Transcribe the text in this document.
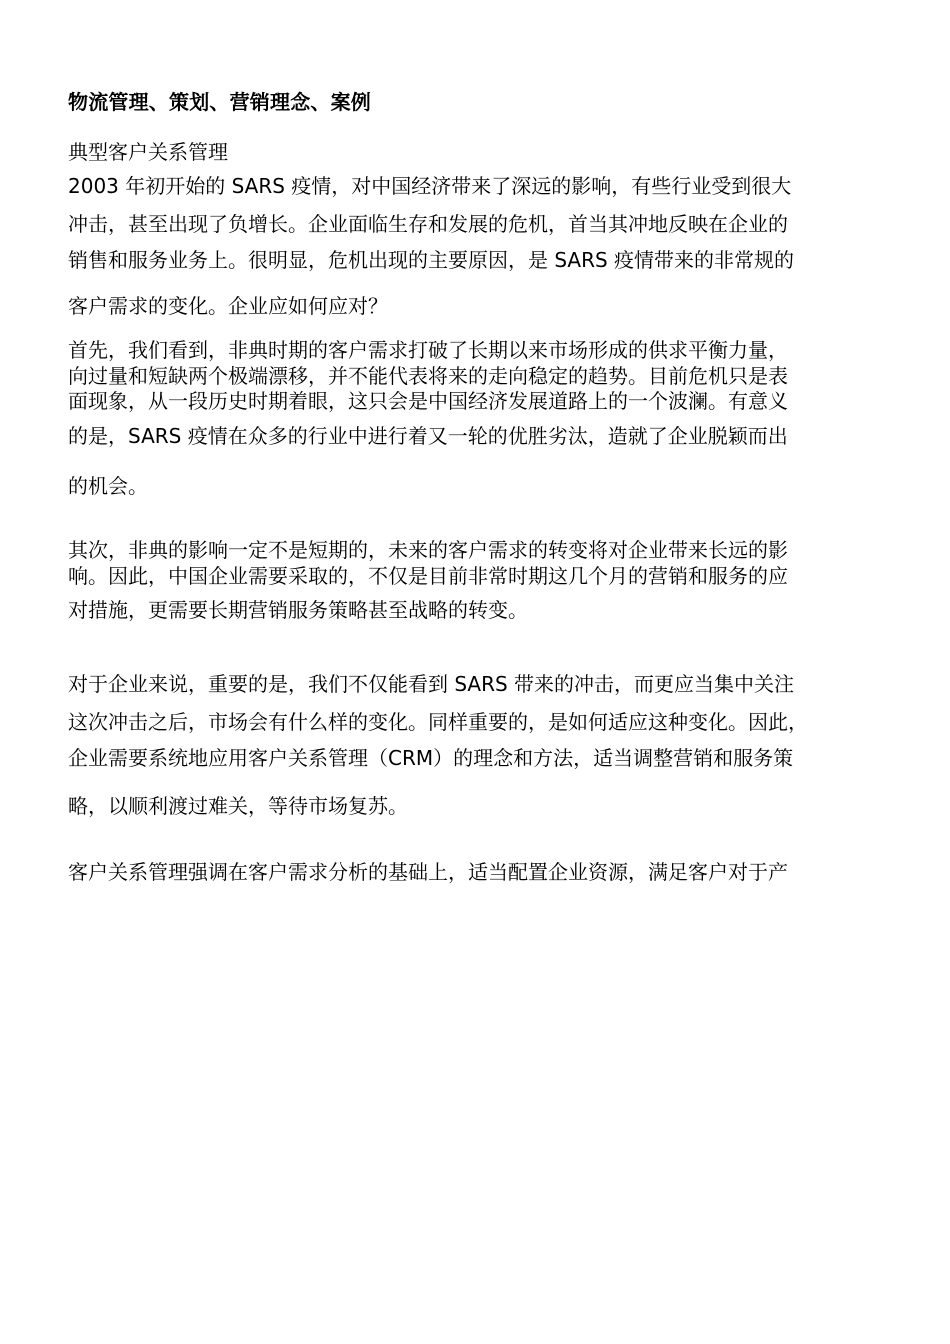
物流管理、策划、营销理念、案例
典型客户关系管理
2003 年初开始的 SARS 疫情，对中国经济带来了深远的影响，有些行业受到很大
冲击，甚至出现了负增长。企业面临生存和发展的危机，首当其冲地反映在企业的
销售和服务业务上。很明显，危机出现的主要原因，是 SARS 疫情带来的非常规的
客户需求的变化。企业应如何应对？
首先，我们看到，非典时期的客户需求打破了长期以来市场形成的供求平衡力量，
向过量和短缺两个极端漂移，并不能代表将来的走向稳定的趋势。目前危机只是表
面现象，从一段历史时期着眼，这只会是中国经济发展道路上的一个波澜。有意义
的是，SARS 疫情在众多的行业中进行着又一轮的优胜劣汰，造就了企业脱颖而出
的机会。
其次，非典的影响一定不是短期的，未来的客户需求的转变将对企业带来长远的影
响。因此，中国企业需要采取的，不仅是目前非常时期这几个月的营销和服务的应
对措施，更需要长期营销服务策略甚至战略的转变。
对于企业来说，重要的是，我们不仅能看到 SARS 带来的冲击，而更应当集中关注
这次冲击之后，市场会有什么样的变化。同样重要的，是如何适应这种变化。因此，
企业需要系统地应用客户关系管理（CRM）的理念和方法，适当调整营销和服务策
略，以顺利渡过难关，等待市场复苏。
客户关系管理强调在客户需求分析的基础上，适当配置企业资源，满足客户对于产
